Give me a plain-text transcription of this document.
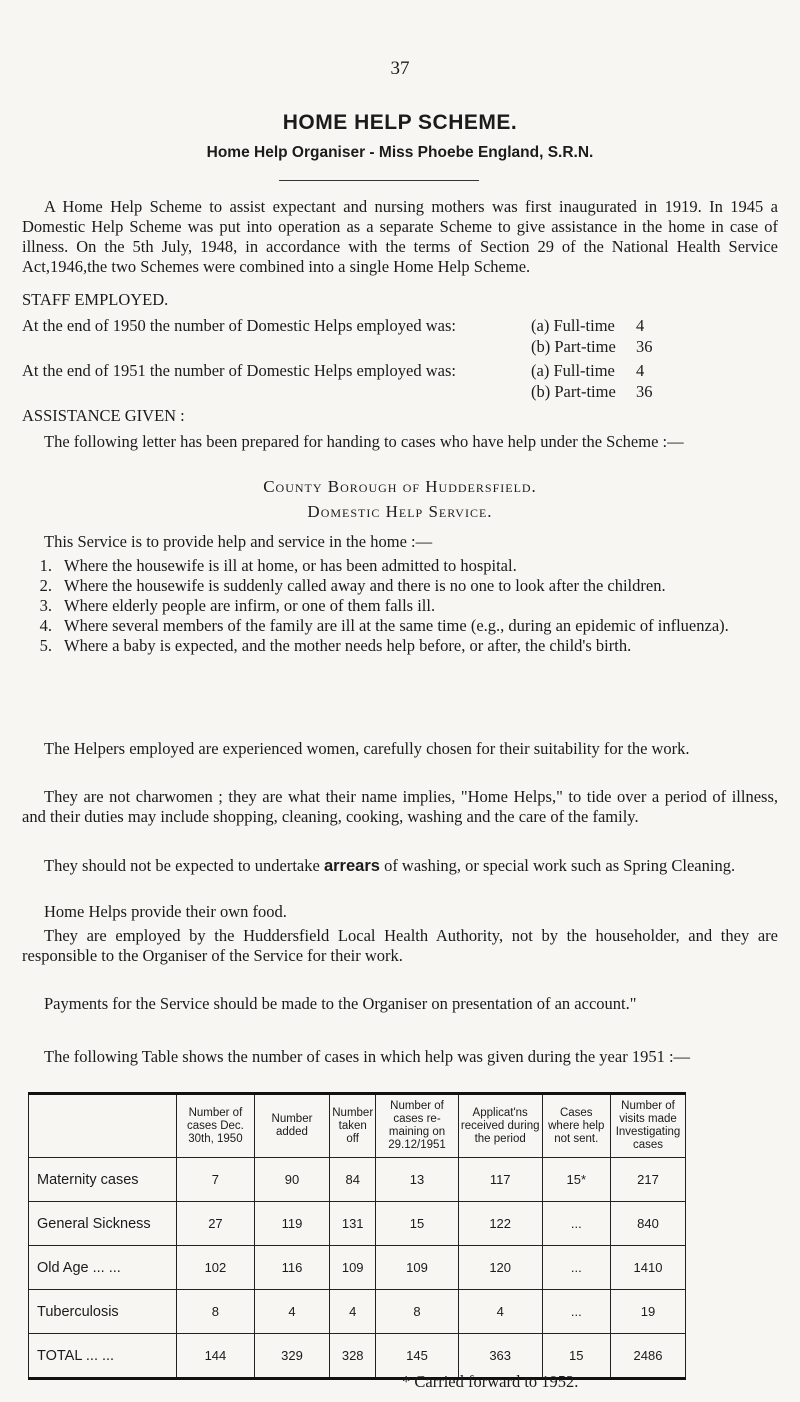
37
HOME HELP SCHEME.
Home Help Organiser - Miss Phoebe England, S.R.N.
A Home Help Scheme to assist expectant and nursing mothers was first inaugurated in 1919. In 1945 a Domestic Help Scheme was put into operation as a separate Scheme to give assistance in the home in case of illness. On the 5th July, 1948, in accordance with the terms of Section 29 of the National Health Service Act,1946,the two Schemes were combined into a single Home Help Scheme.
STAFF EMPLOYED.
At the end of 1950 the number of Domestic Helps employed was:	(a) Full-time 4
(b) Part-time 36
At the end of 1951 the number of Domestic Helps employed was:	(a) Full-time 4
(b) Part-time 36
ASSISTANCE GIVEN :
The following letter has been prepared for handing to cases who have help under the Scheme :—
County Borough of Huddersfield.
Domestic Help Service.
This Service is to provide help and service in the home :—
1. Where the housewife is ill at home, or has been admitted to hospital.
2. Where the housewife is suddenly called away and there is no one to look after the children.
3. Where elderly people are infirm, or one of them falls ill.
4. Where several members of the family are ill at the same time (e.g., during an epidemic of influenza).
5. Where a baby is expected, and the mother needs help before, or after, the child's birth.
The Helpers employed are experienced women, carefully chosen for their suitability for the work.
They are not charwomen ; they are what their name implies, "Home Helps," to tide over a period of illness, and their duties may include shopping, cleaning, cooking, washing and the care of the family.
They should not be expected to undertake arrears of washing, or special work such as Spring Cleaning.
Home Helps provide their own food.
They are employed by the Huddersfield Local Health Authority, not by the householder, and they are responsible to the Organiser of the Service for their work.
Payments for the Service should be made to the Organiser on presentation of an account."
The following Table shows the number of cases in which help was given during the year 1951 :—
	Number of cases Dec. 30th, 1950	Number added	Number taken off	Number of cases re-maining on 29.12/1951	Applicat'ns received during the period	Cases where help not sent.	Number of visits made Investigating cases
Maternity cases	7	90	84	13	117	15*	217
General Sickness	27	119	131	15	122	...	840
Old Age ... ...	102	116	109	109	120	...	1410
Tuberculosis	8	4	4	8	4	...	19
TOTAL ... ...	144	329	328	145	363	15	2486
* Carried forward to 1952.
